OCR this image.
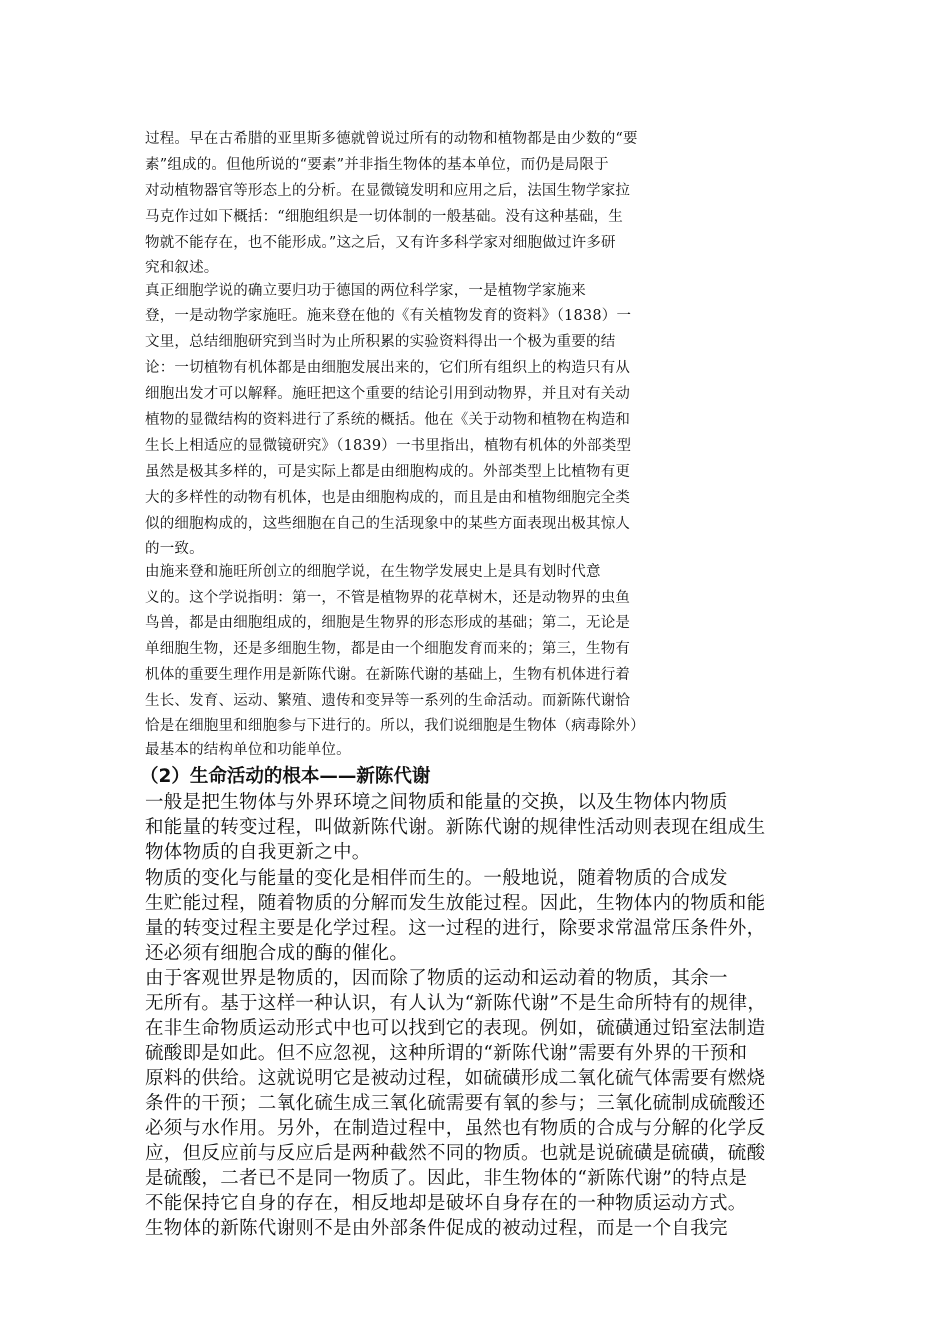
过程。早在古希腊的亚里斯多德就曾说过所有的动物和植物都是由少数的“要
素”组成的。但他所说的“要素”并非指生物体的基本单位，而仍是局限于
对动植物器官等形态上的分析。在显微镜发明和应用之后，法国生物学家拉
马克作过如下概括：“细胞组织是一切体制的一般基础。没有这种基础，生
物就不能存在，也不能形成。”这之后，又有许多科学家对细胞做过许多研
究和叙述。
真正细胞学说的确立要归功于德国的两位科学家，一是植物学家施来
登，一是动物学家施旺。施来登在他的《有关植物发育的资料》（1838）一
文里，总结细胞研究到当时为止所积累的实验资料得出一个极为重要的结
论：一切植物有机体都是由细胞发展出来的，它们所有组织上的构造只有从
细胞出发才可以解释。施旺把这个重要的结论引用到动物界，并且对有关动
植物的显微结构的资料进行了系统的概括。他在《关于动物和植物在构造和
生长上相适应的显微镜研究》（1839）一书里指出，植物有机体的外部类型
虽然是极其多样的，可是实际上都是由细胞构成的。外部类型上比植物有更
大的多样性的动物有机体，也是由细胞构成的，而且是由和植物细胞完全类
似的细胞构成的，这些细胞在自己的生活现象中的某些方面表现出极其惊人
的一致。
由施来登和施旺所创立的细胞学说，在生物学发展史上是具有划时代意
义的。这个学说指明：第一，不管是植物界的花草树木，还是动物界的虫鱼
鸟兽，都是由细胞组成的，细胞是生物界的形态形成的基础；第二，无论是
单细胞生物，还是多细胞生物，都是由一个细胞发育而来的；第三，生物有
机体的重要生理作用是新陈代谢。在新陈代谢的基础上，生物有机体进行着
生长、发育、运动、繁殖、遗传和变异等一系列的生命活动。而新陈代谢恰
恰是在细胞里和细胞参与下进行的。所以，我们说细胞是生物体（病毒除外）
最基本的结构单位和功能单位。
（2）生命活动的根本——新陈代谢
一般是把生物体与外界环境之间物质和能量的交换，以及生物体内物质
和能量的转变过程，叫做新陈代谢。新陈代谢的规律性活动则表现在组成生
物体物质的自我更新之中。
物质的变化与能量的变化是相伴而生的。一般地说，随着物质的合成发
生贮能过程，随着物质的分解而发生放能过程。因此，生物体内的物质和能
量的转变过程主要是化学过程。这一过程的进行，除要求常温常压条件外，
还必须有细胞合成的酶的催化。
由于客观世界是物质的，因而除了物质的运动和运动着的物质，其余一
无所有。基于这样一种认识，有人认为“新陈代谢”不是生命所特有的规律，
在非生命物质运动形式中也可以找到它的表现。例如，硫磺通过铅室法制造
硫酸即是如此。但不应忽视，这种所谓的“新陈代谢”需要有外界的干预和
原料的供给。这就说明它是被动过程，如硫磺形成二氧化硫气体需要有燃烧
条件的干预；二氧化硫生成三氧化硫需要有氧的参与；三氧化硫制成硫酸还
必须与水作用。另外，在制造过程中，虽然也有物质的合成与分解的化学反
应，但反应前与反应后是两种截然不同的物质。也就是说硫磺是硫磺，硫酸
是硫酸，二者已不是同一物质了。因此，非生物体的“新陈代谢”的特点是
不能保持它自身的存在，相反地却是破坏自身存在的一种物质运动方式。
生物体的新陈代谢则不是由外部条件促成的被动过程，而是一个自我完
